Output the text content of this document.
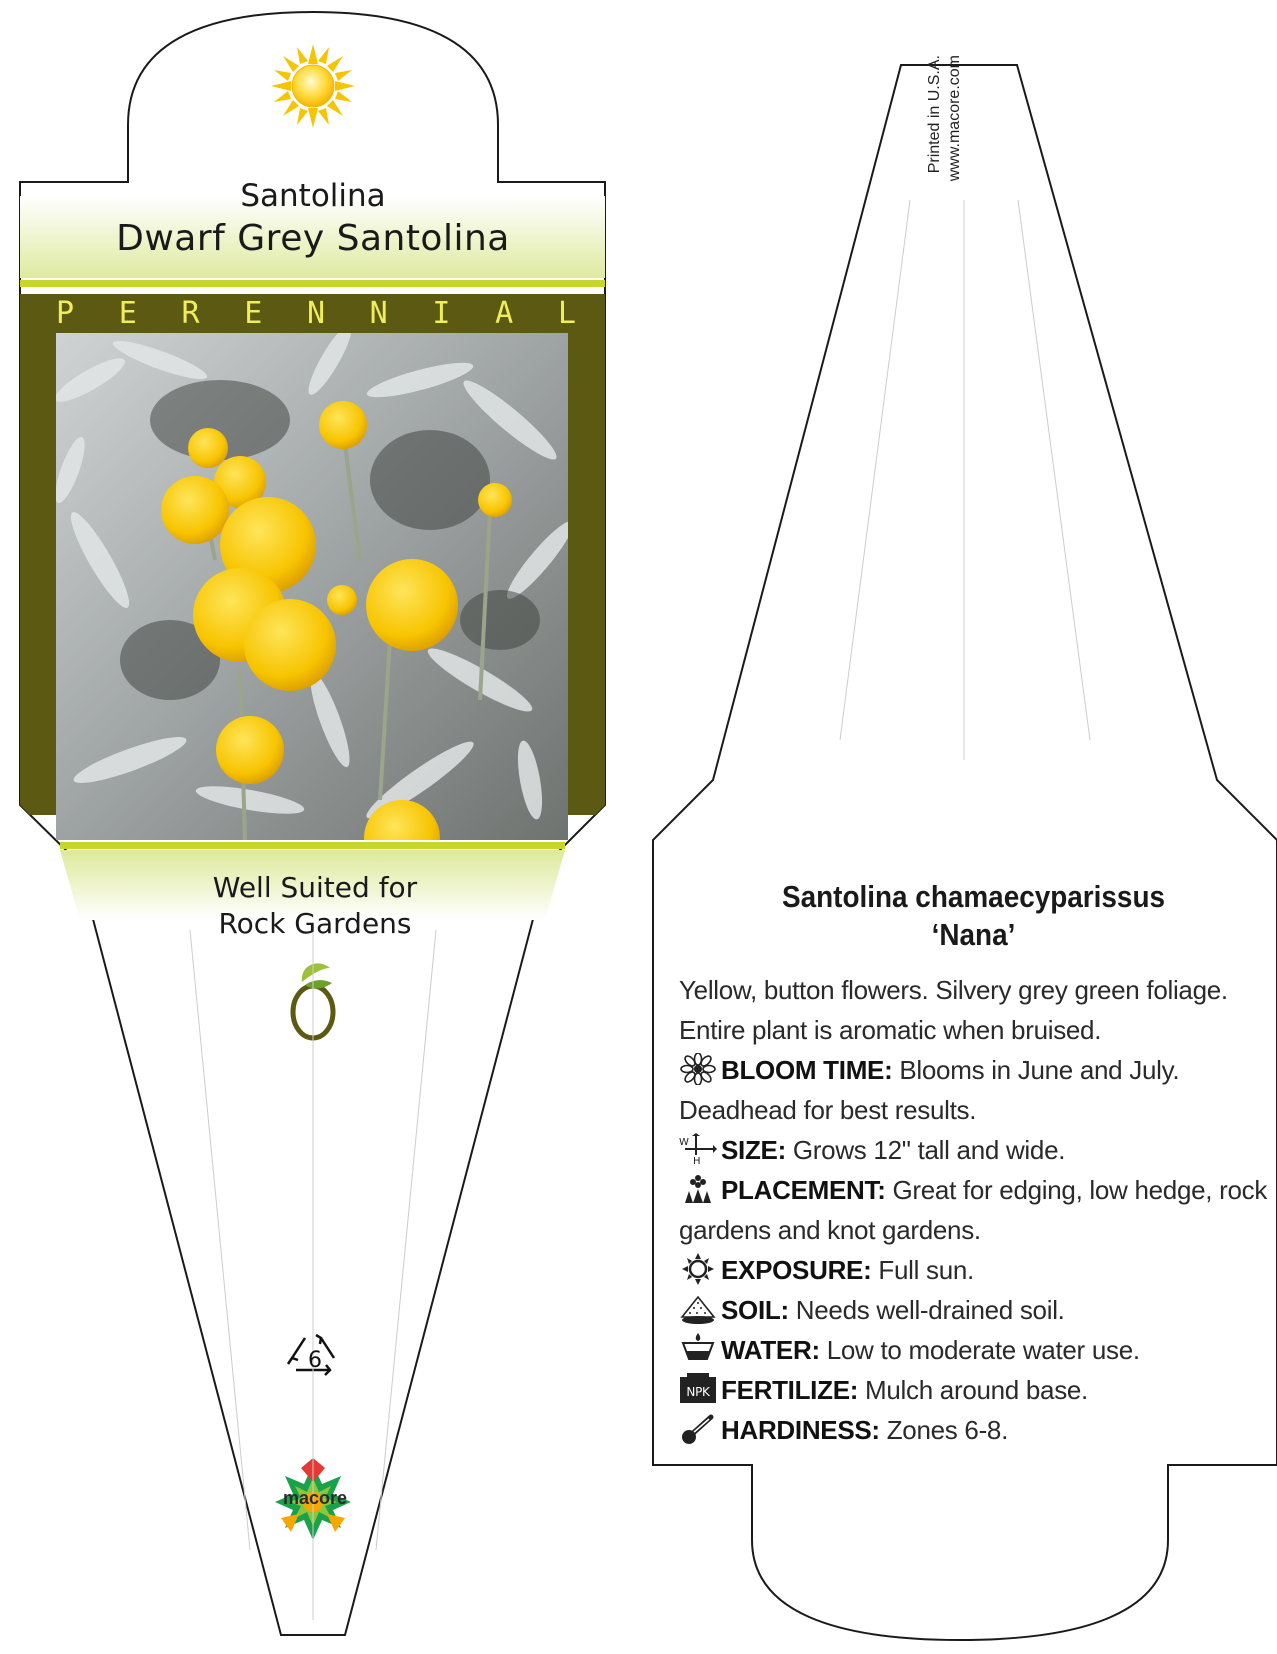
Santolina
Dwarf Grey Santolina
P E R E N N I A L
Well Suited for
Rock Gardens
6
macore
Printed in U.S.A. www.macore.com
Santolina chamaecyparissus
‘Nana’

Yellow, button flowers. Silvery grey green foliage. Entire plant is aromatic when bruised.

BLOOM TIME: Blooms in June and July. Deadhead for best results.

W
H SIZE: Grows 12" tall and wide.

PLACEMENT: Great for edging, low hedge, rock gardens and knot gardens.

EXPOSURE: Full sun.

SOIL: Needs well-drained soil.

WATER: Low to moderate water use.

NPK FERTILIZE: Mulch around base.

HARDINESS: Zones 6-8.
